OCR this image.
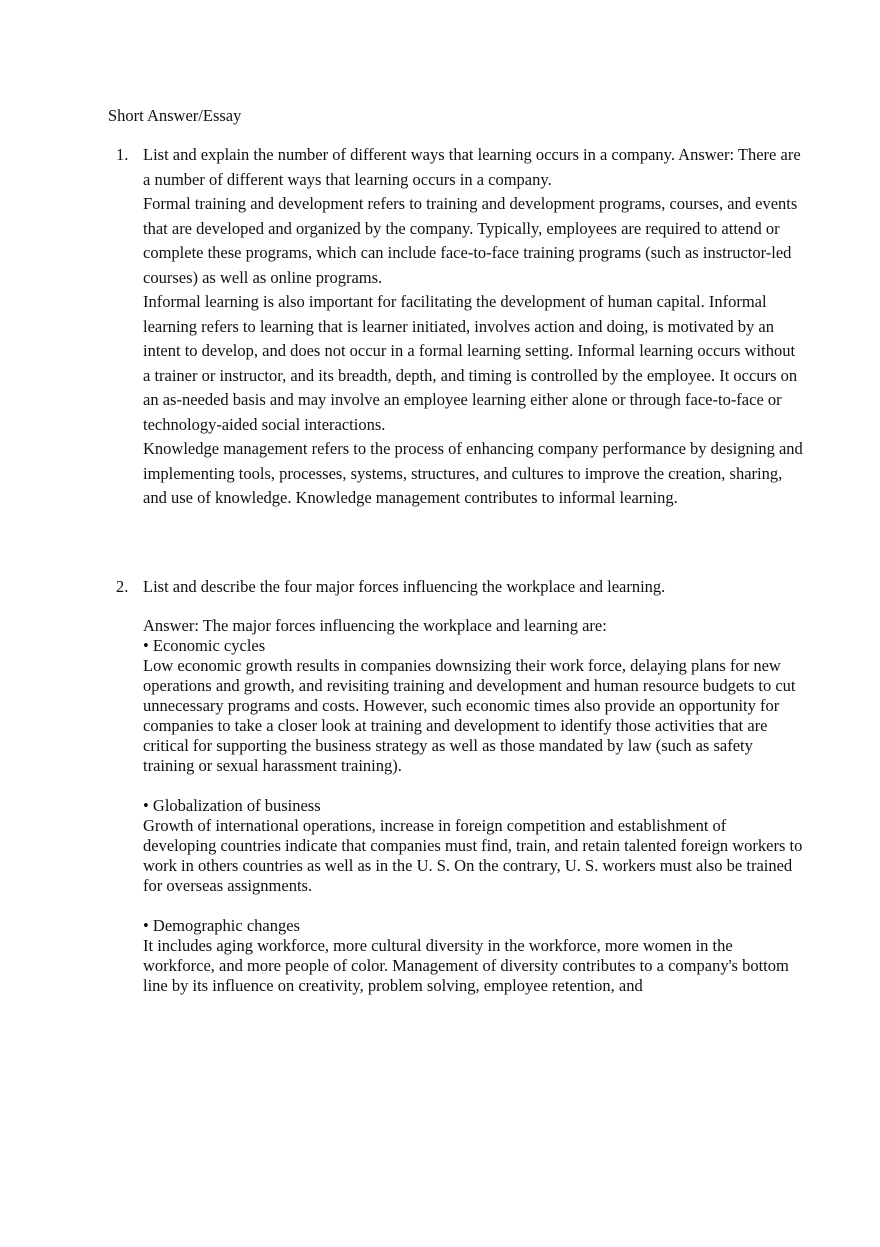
Short Answer/Essay
1. List and explain the number of different ways that learning occurs in a company. Answer: There are a number of different ways that learning occurs in a company.

Formal training and development refers to training and development programs, courses, and events that are developed and organized by the company. Typically, employees are required to attend or complete these programs, which can include face-to-face training programs (such as instructor-led courses) as well as online programs.

Informal learning is also important for facilitating the development of human capital. Informal learning refers to learning that is learner initiated, involves action and doing, is motivated by an intent to develop, and does not occur in a formal learning setting. Informal learning occurs without a trainer or instructor, and its breadth, depth, and timing is controlled by the employee. It occurs on an as-needed basis and may involve an employee learning either alone or through face-to-face or technology-aided social interactions.

Knowledge management refers to the process of enhancing company performance by designing and implementing tools, processes, systems, structures, and cultures to improve the creation, sharing, and use of knowledge. Knowledge management contributes to informal learning.

2. List and describe the four major forces influencing the workplace and learning.

Answer: The major forces influencing the workplace and learning are:

• Economic cycles

Low economic growth results in companies downsizing their work force, delaying plans for new operations and growth, and revisiting training and development and human resource budgets to cut unnecessary programs and costs. However, such economic times also provide an opportunity for companies to take a closer look at training and development to identify those activities that are critical for supporting the business strategy as well as those mandated by law (such as safety training or sexual harassment training).

• Globalization of business

Growth of international operations, increase in foreign competition and establishment of developing countries indicate that companies must find, train, and retain talented foreign workers to work in others countries as well as in the U. S. On the contrary, U. S. workers must also be trained for overseas assignments.

• Demographic changes

It includes aging workforce, more cultural diversity in the workforce, more women in the workforce, and more people of color. Management of diversity contributes to a company's bottom line by its influence on creativity, problem solving, employee retention, and
